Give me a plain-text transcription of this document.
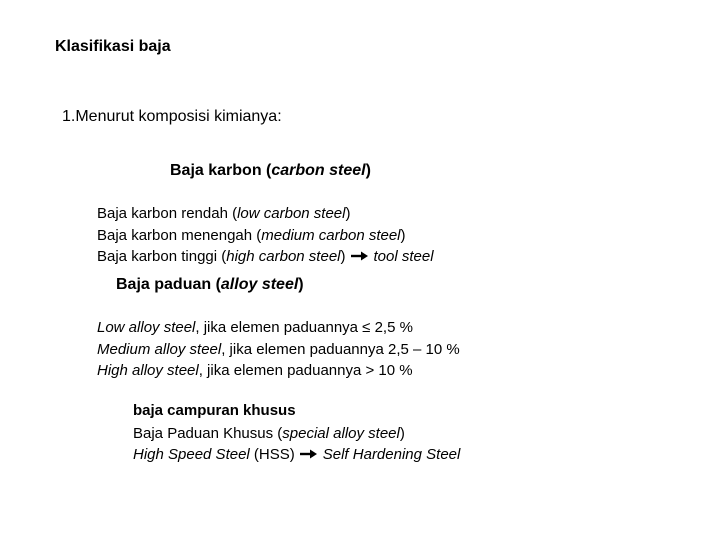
Klasifikasi baja
1.Menurut komposisi kimianya:
Baja karbon (carbon steel)
Baja karbon rendah (low carbon steel)
Baja karbon menengah (medium carbon steel)
Baja karbon tinggi (high carbon steel) tool steel
Baja paduan (alloy steel)
Low alloy steel, jika elemen paduannya ≤ 2,5 %
Medium alloy steel, jika elemen paduannya 2,5 – 10 %
High alloy steel, jika elemen paduannya > 10 %
baja campuran khusus
Baja Paduan Khusus (special alloy steel)
High Speed Steel (HSS) Self Hardening Steel
